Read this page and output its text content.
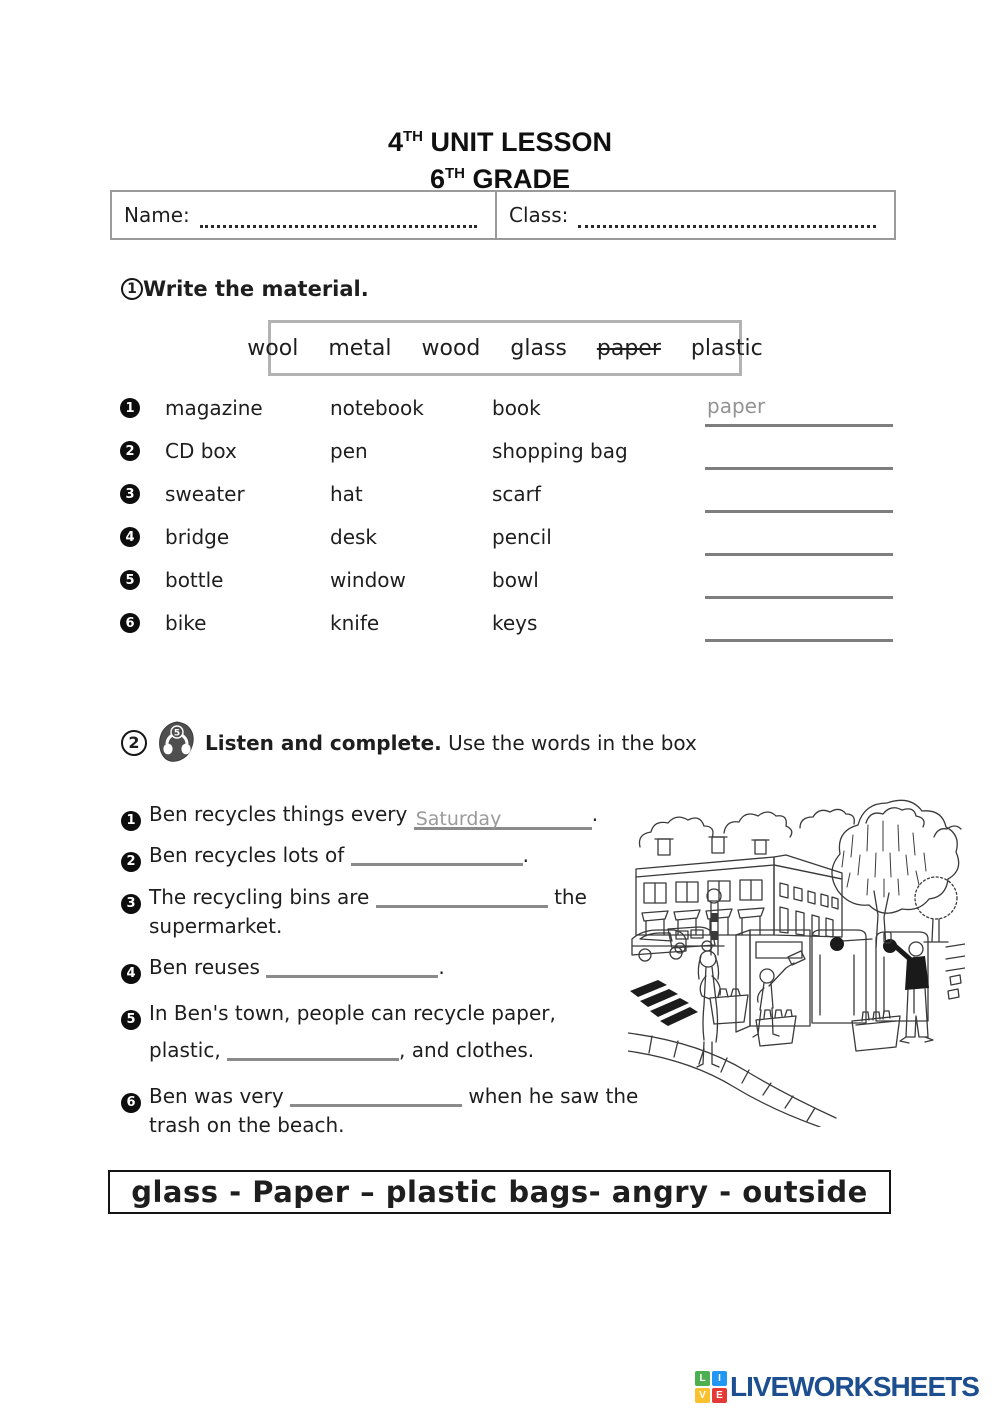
4TH UNIT LESSON
6TH GRADE
Name:	Class:
1 Write the material.
wool metal wood glass paper plastic
1 magazine	notebook	book	paper
2 CD box	pen	shopping bag
3 sweater	hat	scarf
4 bridge	desk	pencil
5 bottle	window	bowl
6 bike	knife	keys
2	5 Listen and complete.
Use the words in the box
1 Ben recycles things every Saturday	.
2 Ben recycles lots of	.
3 The recycling bins are	the
supermarket.
4 Ben reuses	.
5 In Ben's town, people can recycle paper,
plastic,	, and clothes.
6 Ben was very	when he saw the
trash on the beach.
glass - Paper – plastic bags- angry - outside
L	I
V	E LIVEWORKSHEETS
